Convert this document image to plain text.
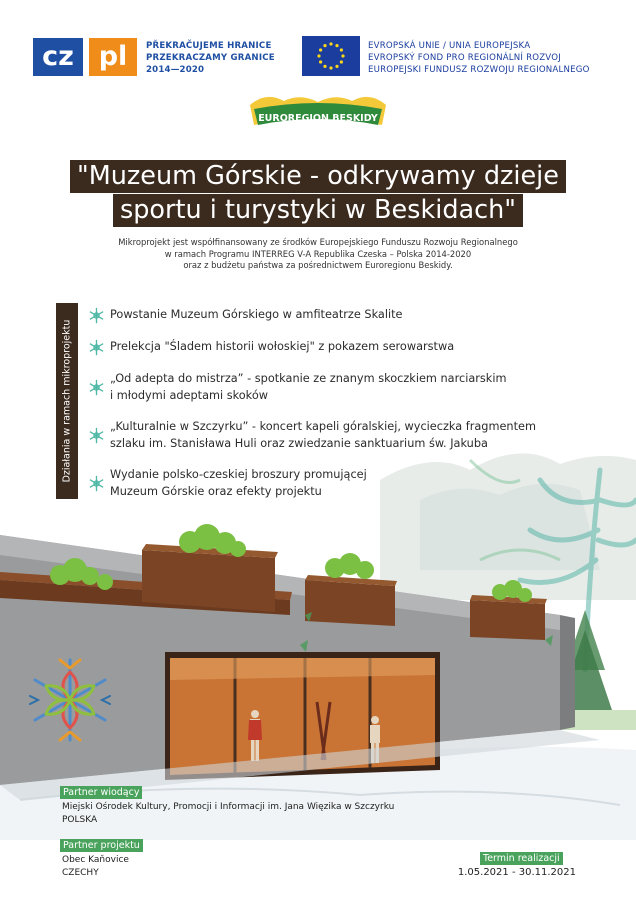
cz pl	PŘEKRAČUJEME HRANICE
PRZEKRACZAMY GRANICE
2014—2020
EVROPSKÁ UNIE / UNIA EUROPEJSKA
EVROPSKÝ FOND PRO REGIONÁLNÍ ROZVOJ
EUROPEJSKI FUNDUSZ ROZWOJU REGIONALNEGO
EUROREGION BESKIDY
"Muzeum Górskie - odkrywamy dzieje
sportu i turystyki w Beskidach"
Mikroprojekt jest współfinansowany ze środków Europejskiego Funduszu Rozwoju Regionalnego
w ramach Programu INTERREG V-A Republika Czeska – Polska 2014-2020
oraz z budżetu państwa za pośrednictwem Euroregionu Beskidy.
Działania w ramach mikroprojektu
Powstanie Muzeum Górskiego w amfiteatrze Skalite
Prelekcja "Śladem historii wołoskiej" z pokazem serowarstwa
„Od adepta do mistrza” - spotkanie ze znanym skoczkiem narciarskim
i młodymi adeptami skoków
„Kulturalnie w Szczyrku” - koncert kapeli góralskiej, wycieczka fragmentem
szlaku im. Stanisława Huli oraz zwiedzanie sanktuarium św. Jakuba
Wydanie polsko-czeskiej broszury promującej
Muzeum Górskie oraz efekty projektu
Partner wiodący
Miejski Ośrodek Kultury, Promocji i Informacji im. Jana Więzika w Szczyrku
POLSKA
Partner projektu
Obec Kaňovice
CZECHY
Termin realizacji
1.05.2021 - 30.11.2021
